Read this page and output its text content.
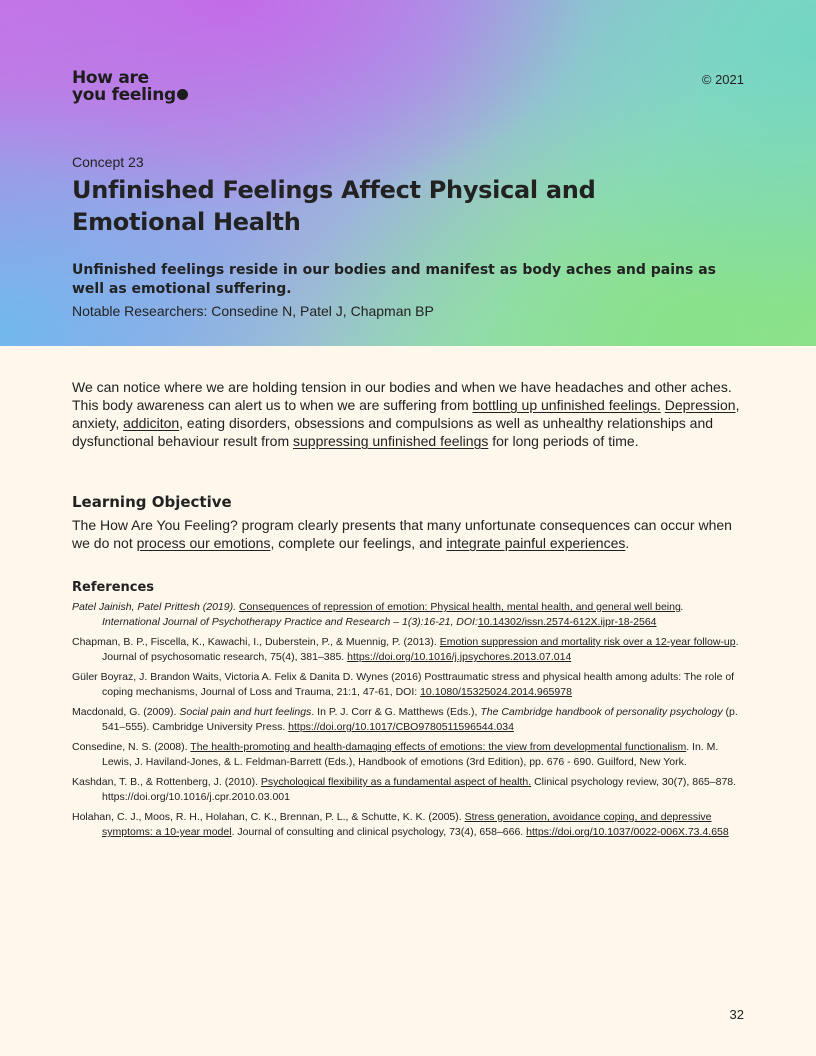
How are
you feeling
© 2021
Concept 23
Unfinished Feelings Affect Physical and Emotional Health

Unfinished feelings reside in our bodies and manifest as body aches and pains as well as emotional suffering.

Notable Researchers: Consedine N, Patel J, Chapman BP

We can notice where we are holding tension in our bodies and when we have headaches and other aches. This body awareness can alert us to when we are suffering from bottling up unfinished feelings. Depression, anxiety, addiciton, eating disorders, obsessions and compulsions as well as unhealthy relationships and dysfunctional behaviour result from suppressing unfinished feelings for long periods of time.

Learning Objective

The How Are You Feeling? program clearly presents that many unfortunate consequences can occur when we do not process our emotions, complete our feelings, and integrate painful experiences.

References
Patel Jainish, Patel Prittesh (2019). Consequences of repression of emotion: Physical health, mental health, and general well being. International Journal of Psychotherapy Practice and Research – 1(3):16-21, DOI:10.14302/issn.2574-612X.ijpr-18-2564
Chapman, B. P., Fiscella, K., Kawachi, I., Duberstein, P., & Muennig, P. (2013). Emotion suppression and mortality risk over a 12-year follow-up. Journal of psychosomatic research, 75(4), 381–385. https://doi.org/10.1016/j.jpsychores.2013.07.014
Güler Boyraz, J. Brandon Waits, Victoria A. Felix & Danita D. Wynes (2016) Posttraumatic stress and physical health among adults: The role of coping mechanisms, Journal of Loss and Trauma, 21:1, 47-61, DOI: 10.1080/15325024.2014.965978
Macdonald, G. (2009). Social pain and hurt feelings. In P. J. Corr & G. Matthews (Eds.), The Cambridge handbook of personality psychology (p. 541–555). Cambridge University Press. https://doi.org/10.1017/CBO9780511596544.034
Consedine, N. S. (2008). The health-promoting and health-damaging effects of emotions: the view from developmental functionalism. In. M. Lewis, J. Haviland-Jones, & L. Feldman-Barrett (Eds.), Handbook of emotions (3rd Edition), pp. 676 - 690. Guilford, New York.
Kashdan, T. B., & Rottenberg, J. (2010). Psychological flexibility as a fundamental aspect of health. Clinical psychology review, 30(7), 865–878. https://doi.org/10.1016/j.cpr.2010.03.001
Holahan, C. J., Moos, R. H., Holahan, C. K., Brennan, P. L., & Schutte, K. K. (2005). Stress generation, avoidance coping, and depressive symptoms: a 10-year model. Journal of consulting and clinical psychology, 73(4), 658–666. https://doi.org/10.1037/0022-006X.73.4.658
32
